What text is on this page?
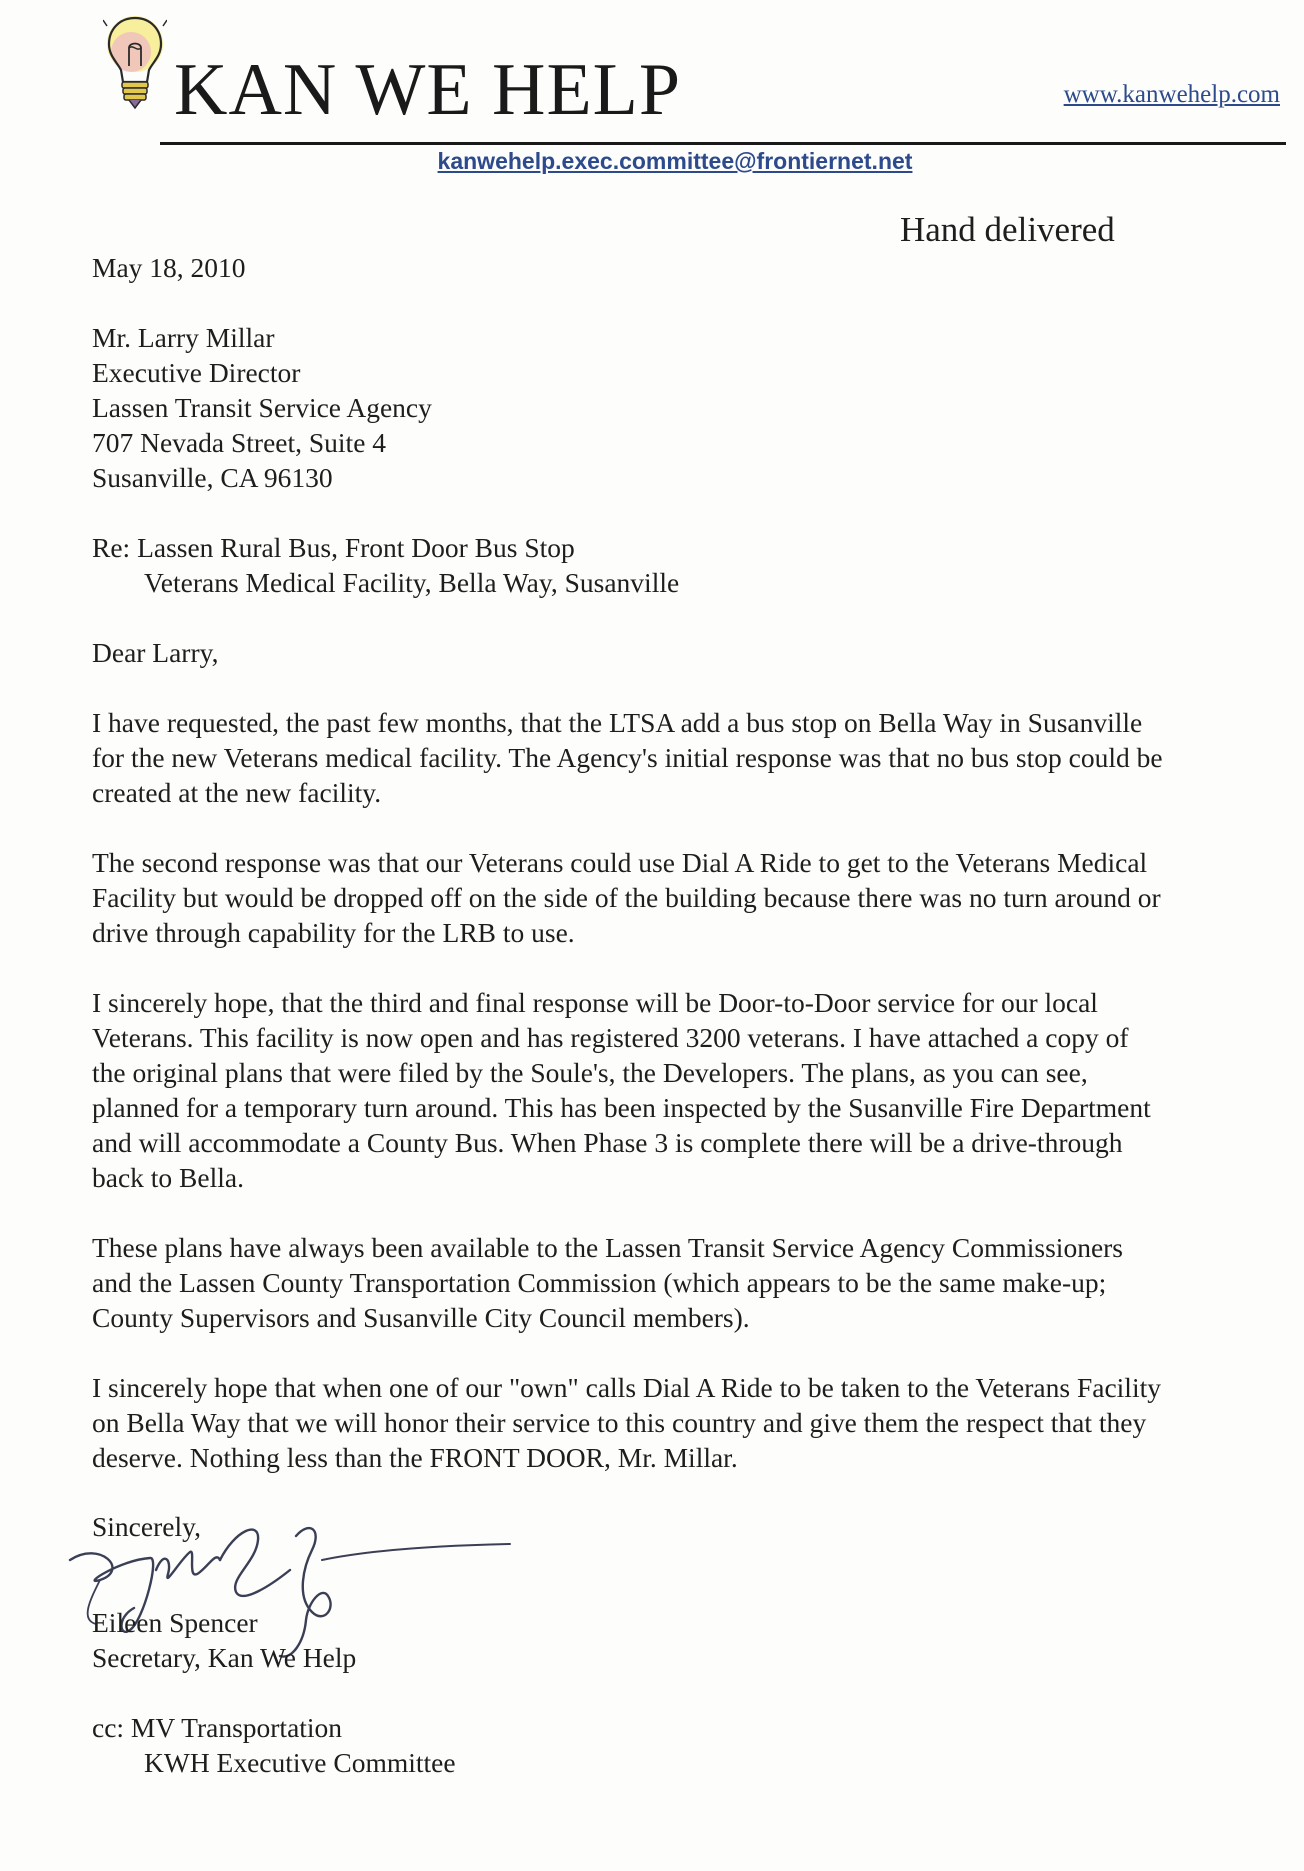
KAN WE HELP	www.kanwehelp.com
kanwehelp.exec.committee@frontiernet.net
Hand delivered
May 18, 2010
Mr. Larry Millar
Executive Director
Lassen Transit Service Agency
707 Nevada Street, Suite 4
Susanville, CA 96130
Re: Lassen Rural Bus, Front Door Bus Stop
Veterans Medical Facility, Bella Way, Susanville
Dear Larry,
I have requested, the past few months, that the LTSA add a bus stop on Bella Way in Susanville
for the new Veterans medical facility. The Agency's initial response was that no bus stop could be
created at the new facility.
The second response was that our Veterans could use Dial A Ride to get to the Veterans Medical
Facility but would be dropped off on the side of the building because there was no turn around or
drive through capability for the LRB to use.
I sincerely hope, that the third and final response will be Door-to-Door service for our local
Veterans. This facility is now open and has registered 3200 veterans. I have attached a copy of
the original plans that were filed by the Soule's, the Developers. The plans, as you can see,
planned for a temporary turn around. This has been inspected by the Susanville Fire Department
and will accommodate a County Bus. When Phase 3 is complete there will be a drive-through
back to Bella.
These plans have always been available to the Lassen Transit Service Agency Commissioners
and the Lassen County Transportation Commission (which appears to be the same make-up;
County Supervisors and Susanville City Council members).
I sincerely hope that when one of our "own" calls Dial A Ride to be taken to the Veterans Facility
on Bella Way that we will honor their service to this country and give them the respect that they
deserve. Nothing less than the FRONT DOOR, Mr. Millar.
Sincerely,
Eileen Spencer
Secretary, Kan We Help
cc: MV Transportation
KWH Executive Committee
